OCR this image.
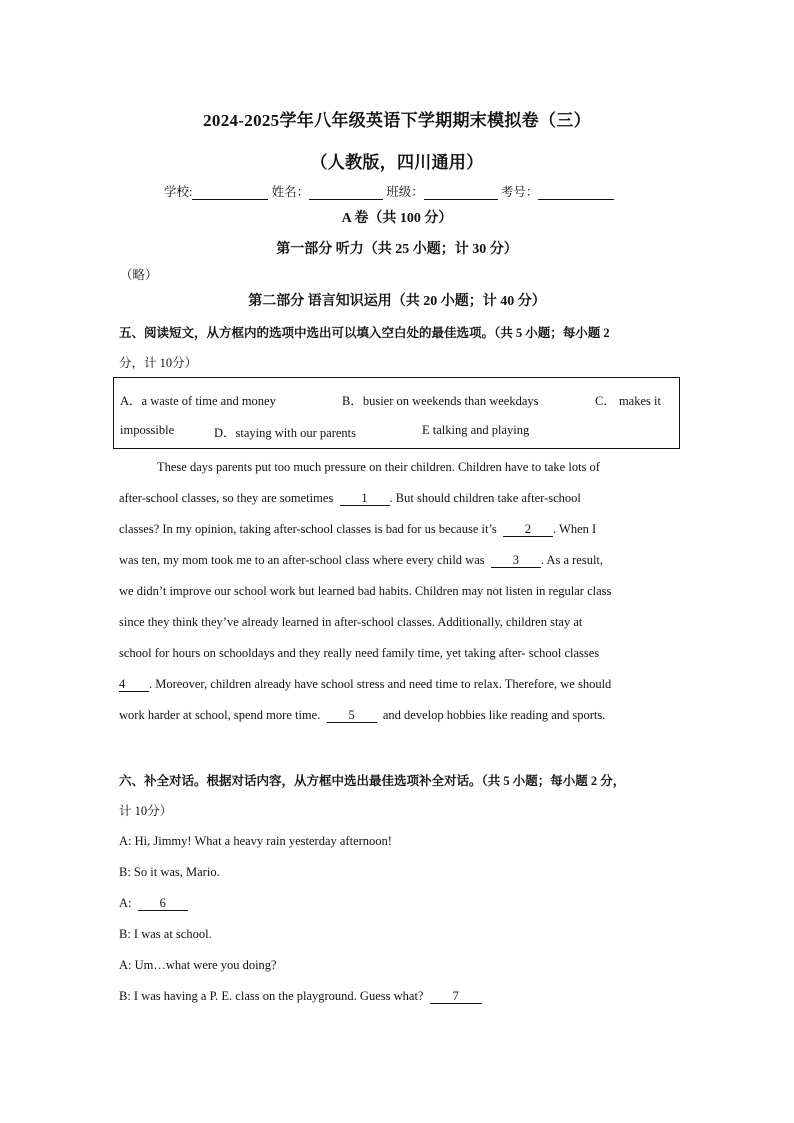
2024-2025学年八年级英语下学期期末模拟卷（三）
（人教版，四川通用）
学校:	姓名：	班级：	考号：
A 卷（共 100 分）
第一部分 听力（共 25 小题；计 30 分）
（略）
第二部分 语言知识运用（共 20 小题；计 40 分）
五、阅读短文，从方框内的选项中选出可以填入空白处的最佳选项。（共 5 小题；每小题 2
分，计 10分）
A．a waste of time and money	B．busier on weekends than weekdays	C． makes it
impossible	D．staying with our parents	E talking and playing
These days parents put too much pressure on their children. Children have to take lots of
after-school classes, so they are sometimes 1 . But should children take after-school
classes? In my opinion, taking after-school classes is bad for us because it’s 2 . When I
was ten, my mom took me to an after-school class where every child was 3 . As a result,
we didn’t improve our school work but learned bad habits. Children may not listen in regular class
since they think they’ve already learned in after-school classes. Additionally, children stay at
school for hours on schooldays and they really need family time, yet taking after- school classes
4 . Moreover, children already have school stress and need time to relax. Therefore, we should
work harder at school, spend more time. 5 and develop hobbies like reading and sports.
六、补全对话。根据对话内容，从方框中选出最佳选项补全对话。（共 5 小题；每小题 2 分，
计 10分）
A: Hi, Jimmy! What a heavy rain yesterday afternoon!
B: So it was, Mario.
A: 6
B: I was at school.
A: Um…what were you doing?
B: I was having a P. E. class on the playground. Guess what? 7
